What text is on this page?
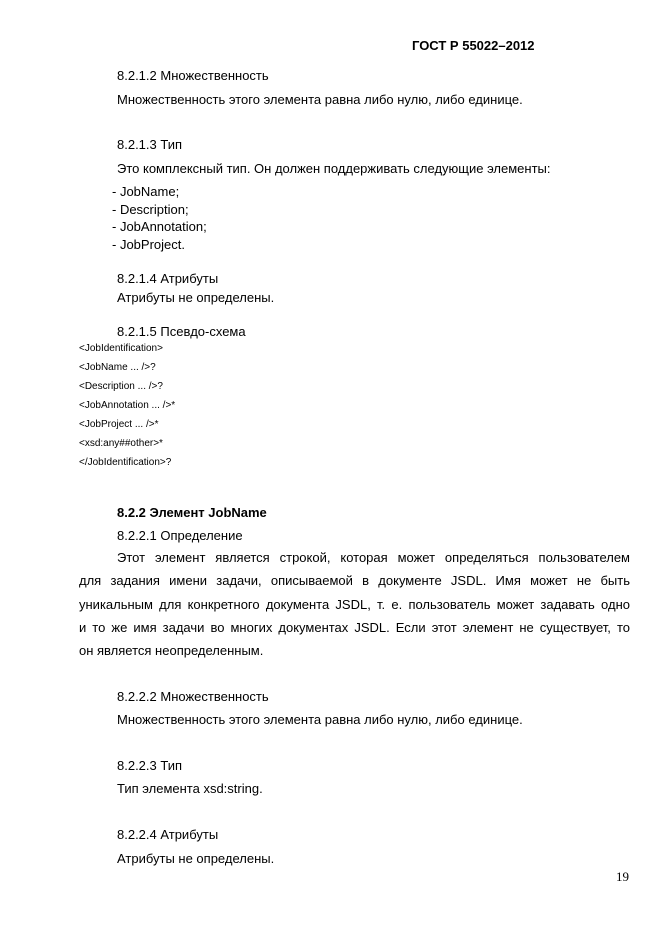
ГОСТ Р 55022–2012
8.2.1.2 Множественность
Множественность этого элемента равна либо нулю, либо единице.
8.2.1.3 Тип
Это комплексный тип. Он должен поддерживать следующие элементы:
- JobName;
- Description;
- JobAnnotation;
- JobProject.
8.2.1.4 Атрибуты
Атрибуты не определены.
8.2.1.5 Псевдо-схема
<JobIdentification>
<JobName ... />?
<Description ... />?
<JobAnnotation ... />*
<JobProject ... />*
<xsd:any##other>*
</JobIdentification>?
8.2.2 Элемент JobName
8.2.2.1 Определение
Этот элемент является строкой, которая может определяться пользователем
для задания имени задачи, описываемой в документе JSDL. Имя может не быть
уникальным для конкретного документа JSDL, т. е. пользователь может задавать одно
и то же имя задачи во многих документах JSDL. Если этот элемент не существует, то
он является неопределенным.
8.2.2.2 Множественность
Множественность этого элемента равна либо нулю, либо единице.
8.2.2.3 Тип
Тип элемента xsd:string.
8.2.2.4 Атрибуты
Атрибуты не определены.
19
